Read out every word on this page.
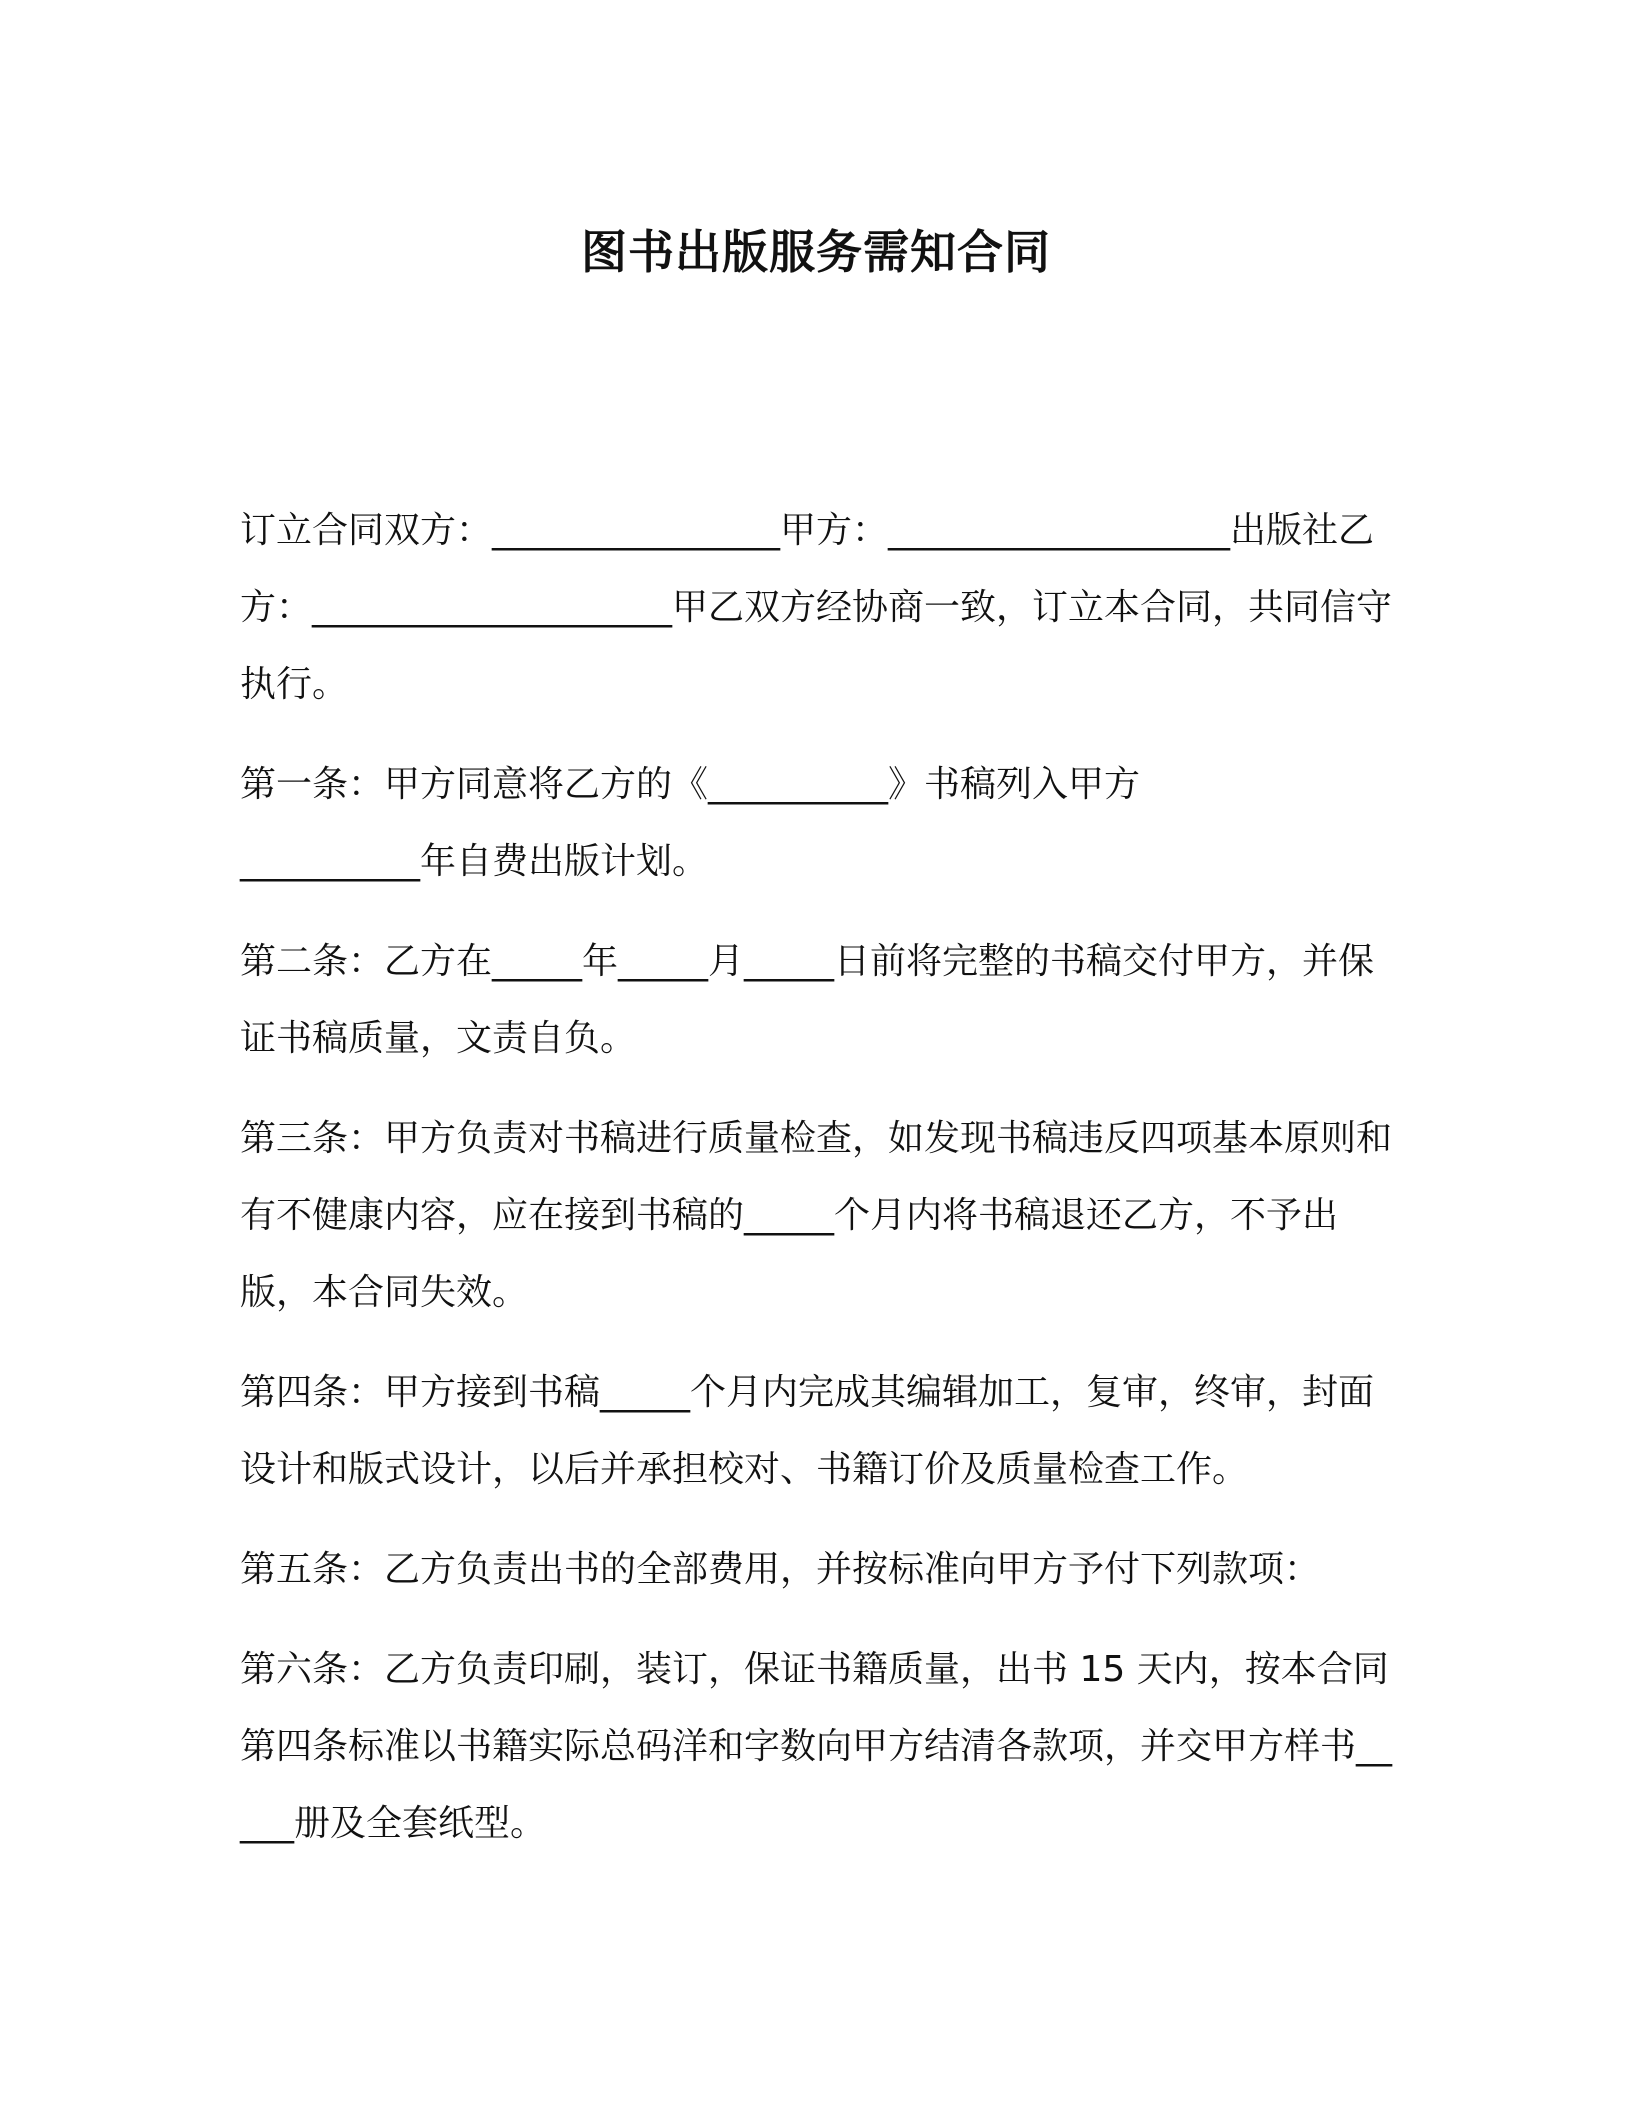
图书出版服务需知合同

订立合同双方：________________甲方：___________________出版社乙方：____________________甲乙双方经协商一致，订立本合同，共同信守执行。

第一条：甲方同意将乙方的《__________》书稿列入甲方
__________年自费出版计划。

第二条：乙方在_____年_____月_____日前将完整的书稿交付甲方，并保证书稿质量，文责自负。

第三条：甲方负责对书稿进行质量检查，如发现书稿违反四项基本原则和有不健康内容，应在接到书稿的_____个月内将书稿退还乙方，不予出版，本合同失效。

第四条：甲方接到书稿_____个月内完成其编辑加工，复审，终审，封面设计和版式设计，以后并承担校对、书籍订价及质量检查工作。

第五条：乙方负责出书的全部费用，并按标准向甲方予付下列款项：

第六条：乙方负责印刷，装订，保证书籍质量，出书 15 天内，按本合同第四条标准以书籍实际总码洋和字数向甲方结清各款项，并交甲方样书_____册及全套纸型。
